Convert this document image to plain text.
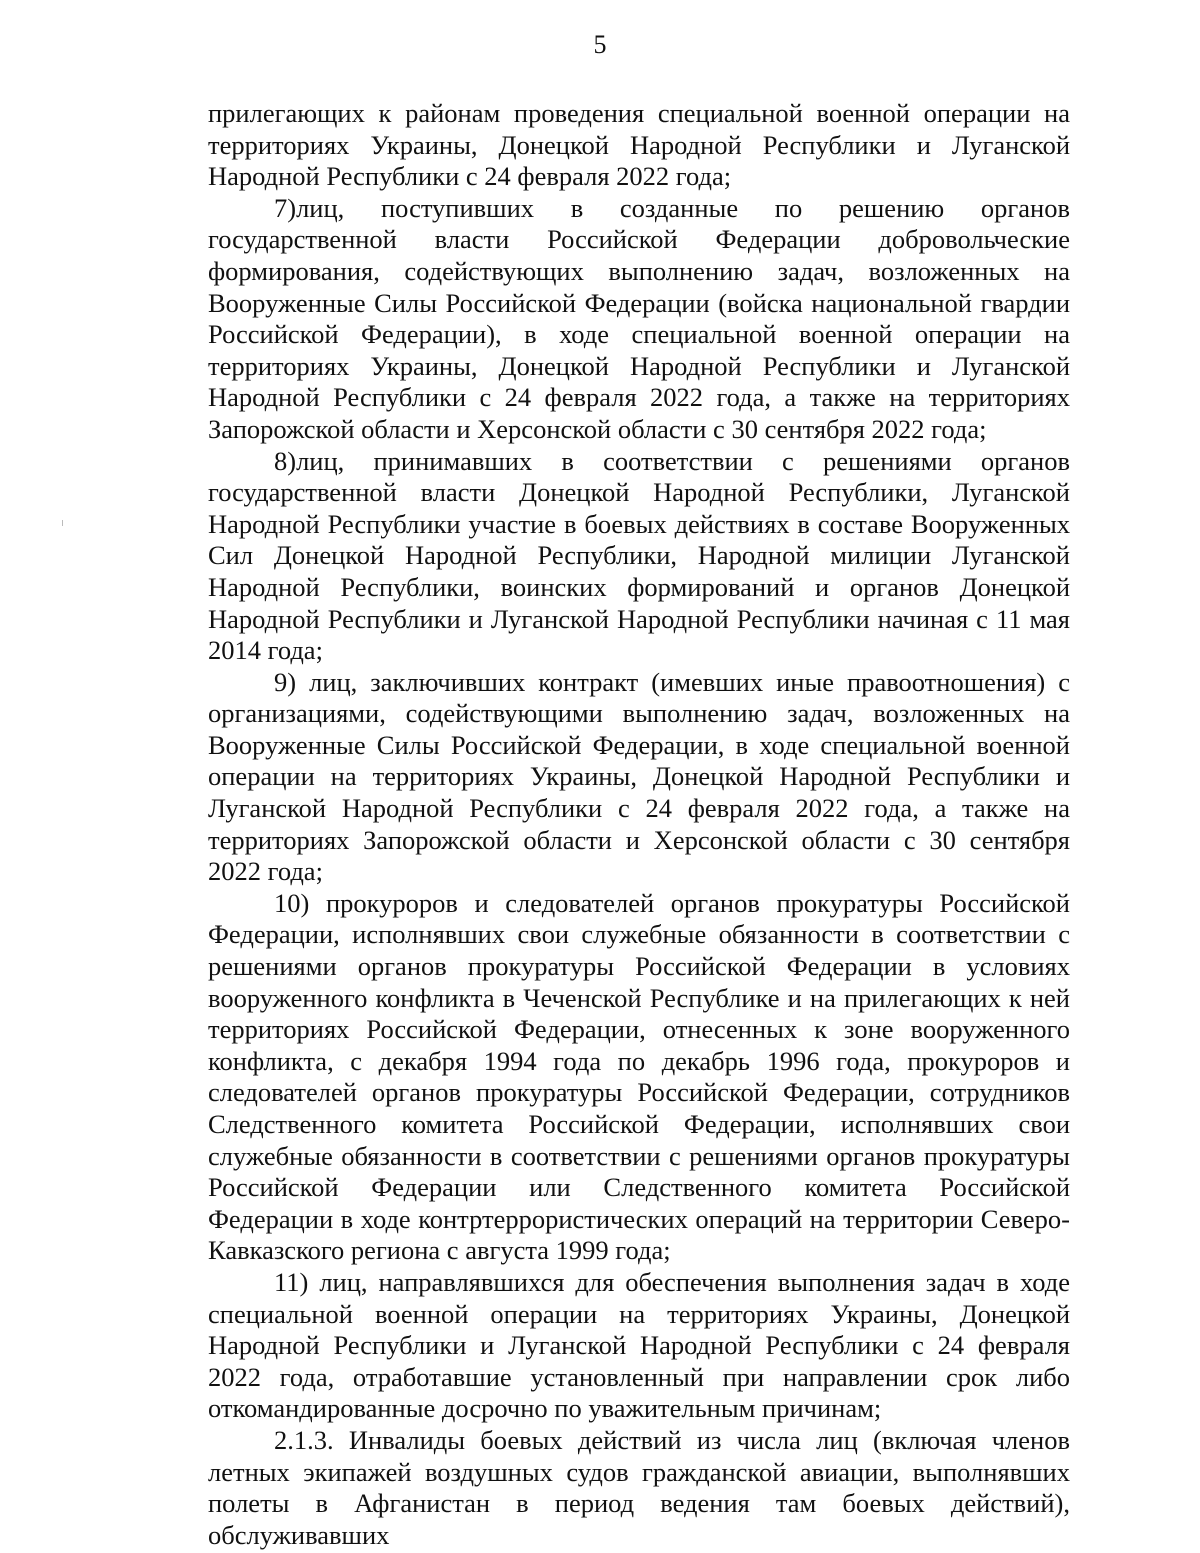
5

прилегающих к районам проведения специальной военной операции на территориях Украины, Донецкой Народной Республики и Луганской Народной Республики с 24 февраля 2022 года;

7)лиц, поступивших в созданные по решению органов государственной власти Российской Федерации добровольческие формирования, содействующих выполнению задач, возложенных на Вооруженные Силы Российской Федерации (войска национальной гвардии Российской Федерации), в ходе специальной военной операции на территориях Украины, Донецкой Народной Республики и Луганской Народной Республики с 24 февраля 2022 года, а также на территориях Запорожской области и Херсонской области с 30 сентября 2022 года;

8)лиц, принимавших в соответствии с решениями органов государственной власти Донецкой Народной Республики, Луганской Народной Республики участие в боевых действиях в составе Вооруженных Сил Донецкой Народной Республики, Народной милиции Луганской Народной Республики, воинских формирований и органов Донецкой Народной Республики и Луганской Народной Республики начиная с 11 мая 2014 года;

9) лиц, заключивших контракт (имевших иные правоотношения) с организациями, содействующими выполнению задач, возложенных на Вооруженные Силы Российской Федерации, в ходе специальной военной операции на территориях Украины, Донецкой Народной Республики и Луганской Народной Республики с 24 февраля 2022 года, а также на территориях Запорожской области и Херсонской области с 30 сентября 2022 года;

10) прокуроров и следователей органов прокуратуры Российской Федерации, исполнявших свои служебные обязанности в соответствии с решениями органов прокуратуры Российской Федерации в условиях вооруженного конфликта в Чеченской Республике и на прилегающих к ней территориях Российской Федерации, отнесенных к зоне вооруженного конфликта, с декабря 1994 года по декабрь 1996 года, прокуроров и следователей органов прокуратуры Российской Федерации, сотрудников Следственного комитета Российской Федерации, исполнявших свои служебные обязанности в соответствии с решениями органов прокуратуры Российской Федерации или Следственного комитета Российской Федерации в ходе контртеррористических операций на территории Северо-Кавказского региона с августа 1999 года;

11) лиц, направлявшихся для обеспечения выполнения задач в ходе специальной военной операции на территориях Украины, Донецкой Народной Республики и Луганской Народной Республики с 24 февраля 2022 года, отработавшие установленный при направлении срок либо откомандированные досрочно по уважительным причинам;

2.1.3. Инвалиды боевых действий из числа лиц (включая членов летных экипажей воздушных судов гражданской авиации, выполнявших полеты в Афганистан в период ведения там боевых действий), обслуживавших
